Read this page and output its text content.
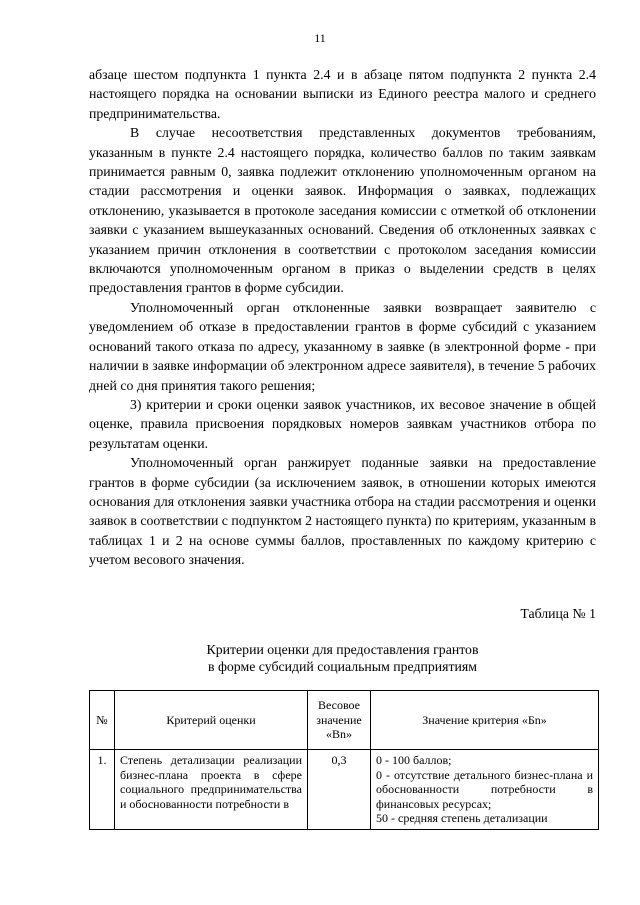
11

абзаце шестом подпункта 1 пункта 2.4 и в абзаце пятом подпункта 2 пункта 2.4 настоящего порядка на основании выписки из Единого реестра малого и среднего предпринимательства.

В случае несоответствия представленных документов требованиям, указанным в пункте 2.4 настоящего порядка, количество баллов по таким заявкам принимается равным 0, заявка подлежит отклонению уполномоченным органом на стадии рассмотрения и оценки заявок. Информация о заявках, подлежащих отклонению, указывается в протоколе заседания комиссии с отметкой об отклонении заявки с указанием вышеуказанных оснований. Сведения об отклоненных заявках с указанием причин отклонения в соответствии с протоколом заседания комиссии включаются уполномоченным органом в приказ о выделении средств в целях предоставления грантов в форме субсидии.

Уполномоченный орган отклоненные заявки возвращает заявителю с уведомлением об отказе в предоставлении грантов в форме субсидий с указанием оснований такого отказа по адресу, указанному в заявке (в электронной форме - при наличии в заявке информации об электронном адресе заявителя), в течение 5 рабочих дней со дня принятия такого решения;

3) критерии и сроки оценки заявок участников, их весовое значение в общей оценке, правила присвоения порядковых номеров заявкам участников отбора по результатам оценки.

Уполномоченный орган ранжирует поданные заявки на предоставление грантов в форме субсидии (за исключением заявок, в отношении которых имеются основания для отклонения заявки участника отбора на стадии рассмотрения и оценки заявок в соответствии с подпунктом 2 настоящего пункта) по критериям, указанным в таблицах 1 и 2 на основе суммы баллов, проставленных по каждому критерию с учетом весового значения.

Таблица № 1
Критерии оценки для предоставления грантов
в форме субсидий социальным предприятиям
№	Критерий оценки	Весовое значение «Вn»	Значение критерия «Бn»
1.	Степень детализации реализации бизнес-плана проекта в сфере социального предпринимательства и обоснованности потребности в	0,3	0 - 100 баллов;
0 - отсутствие детального бизнес-плана и обоснованности потребности в финансовых ресурсах;
50 - средняя степень детализации
